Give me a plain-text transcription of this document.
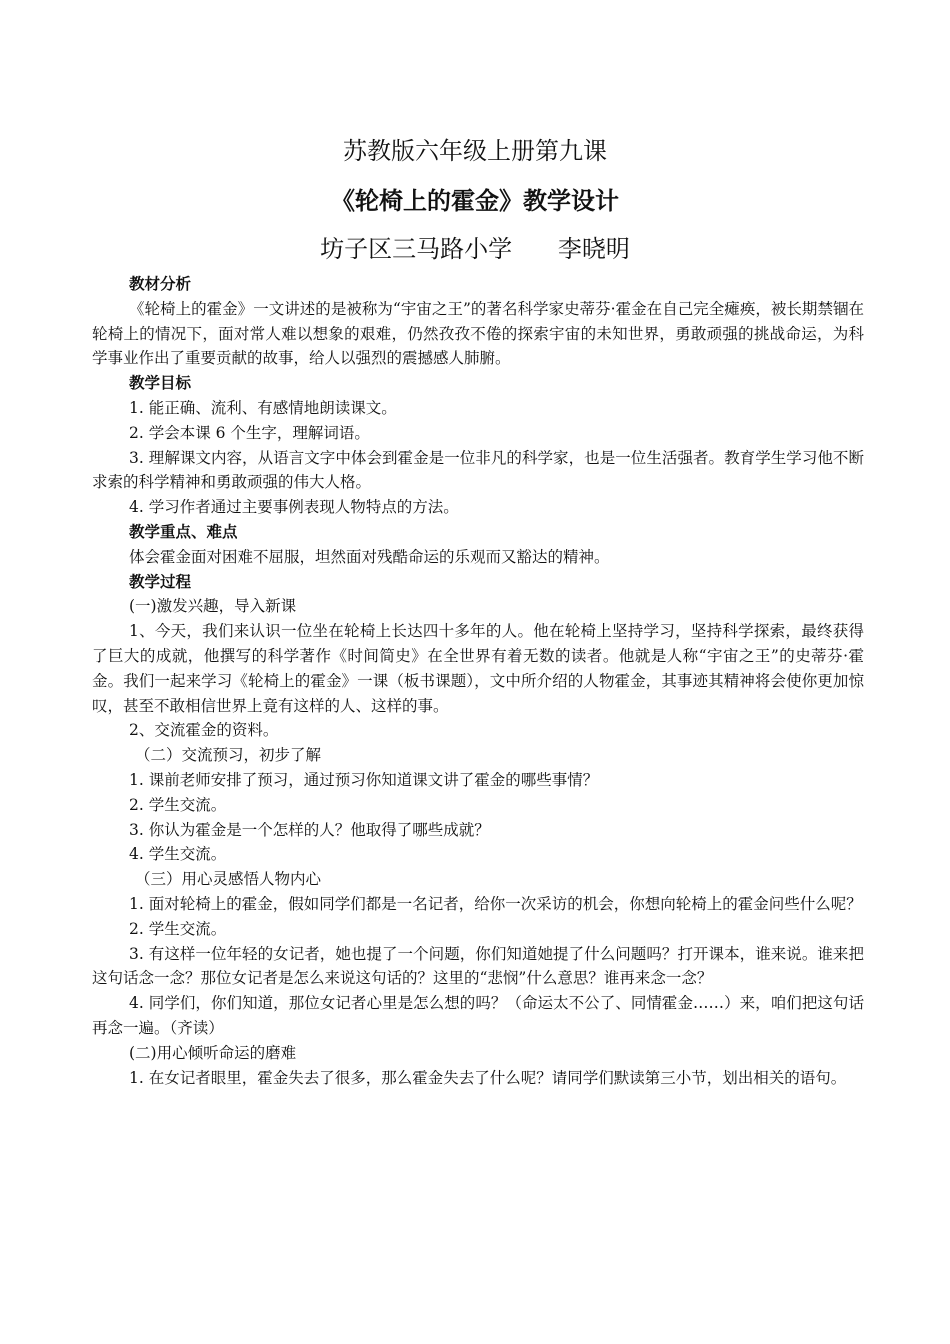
苏教版六年级上册第九课
《轮椅上的霍金》教学设计
坊子区三马路小学      李晓明

教材分析

《轮椅上的霍金》一文讲述的是被称为“宇宙之王”的著名科学家史蒂芬·霍金在自己完全瘫痪，被长期禁锢在轮椅上的情况下，面对常人难以想象的艰难，仍然孜孜不倦的探索宇宙的未知世界，勇敢顽强的挑战命运，为科学事业作出了重要贡献的故事，给人以强烈的震撼感人肺腑。

教学目标

1. 能正确、流利、有感情地朗读课文。

2. 学会本课 6 个生字，理解词语。

3. 理解课文内容，从语言文字中体会到霍金是一位非凡的科学家，也是一位生活强者。教育学生学习他不断求索的科学精神和勇敢顽强的伟大人格。

4. 学习作者通过主要事例表现人物特点的方法。

教学重点、难点

体会霍金面对困难不屈服，坦然面对残酷命运的乐观而又豁达的精神。

教学过程

(一)激发兴趣，导入新课

1、今天，我们来认识一位坐在轮椅上长达四十多年的人。他在轮椅上坚持学习，坚持科学探索，最终获得了巨大的成就，他撰写的科学著作《时间简史》在全世界有着无数的读者。他就是人称“宇宙之王”的史蒂芬·霍金。我们一起来学习《轮椅上的霍金》一课（板书课题），文中所介绍的人物霍金，其事迹其精神将会使你更加惊叹，甚至不敢相信世界上竟有这样的人、这样的事。

2、交流霍金的资料。

（二）交流预习，初步了解

1. 课前老师安排了预习，通过预习你知道课文讲了霍金的哪些事情？

2. 学生交流。

3. 你认为霍金是一个怎样的人？他取得了哪些成就？

4. 学生交流。

（三）用心灵感悟人物内心

1. 面对轮椅上的霍金，假如同学们都是一名记者，给你一次采访的机会，你想向轮椅上的霍金问些什么呢？

2. 学生交流。

3. 有这样一位年轻的女记者，她也提了一个问题，你们知道她提了什么问题吗？打开课本，谁来说。谁来把这句话念一念？那位女记者是怎么来说这句话的？这里的“悲悯”什么意思？谁再来念一念？

4. 同学们，你们知道，那位女记者心里是怎么想的吗？（命运太不公了、同情霍金……）来，咱们把这句话再念一遍。（齐读）

(二)用心倾听命运的磨难

1. 在女记者眼里，霍金失去了很多，那么霍金失去了什么呢？请同学们默读第三小节，划出相关的语句。
